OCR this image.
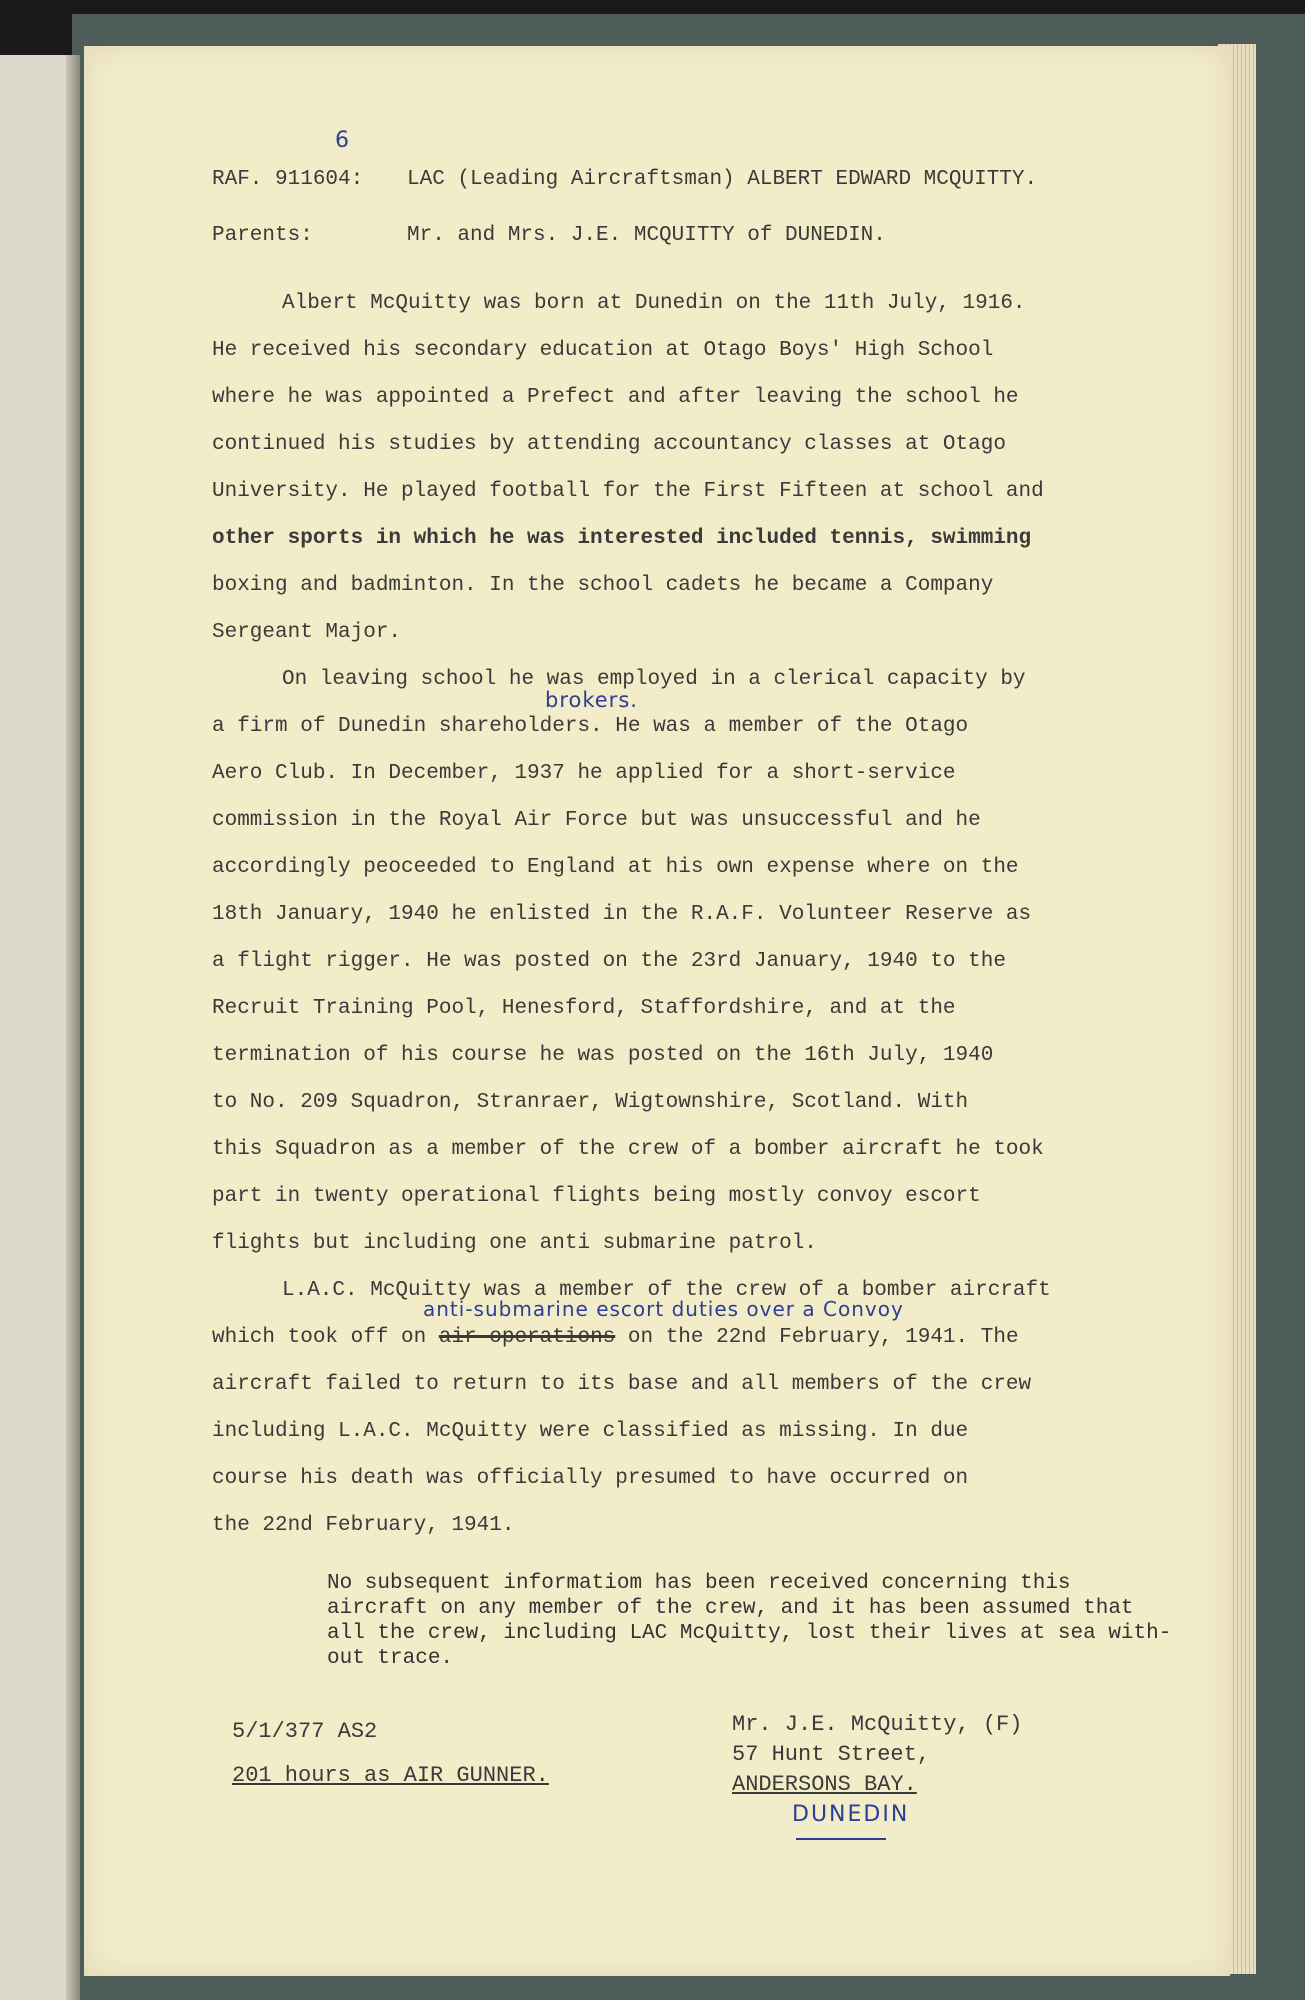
RAF. 911604:	LAC (Leading Aircraftsman) ALBERT EDWARD MCQUITTY.
Parents:	Mr. and Mrs. J.E. MCQUITTY of DUNEDIN.
Albert McQuitty was born at Dunedin on the 11th July, 1916.
He received his secondary education at Otago Boys' High School
where he was appointed a Prefect and after leaving the school he
continued his studies by attending accountancy classes at Otago
University. He played football for the First Fifteen at school and
other sports in which he was interested included tennis, swimming
boxing and badminton. In the school cadets he became a Company
Sergeant Major.
On leaving school he was employed in a clerical capacity by
a firm of Dunedin shareholders. He was a member of the Otago
Aero Club. In December, 1937 he applied for a short-service
commission in the Royal Air Force but was unsuccessful and he
accordingly peoceeded to England at his own expense where on the
18th January, 1940 he enlisted in the R.A.F. Volunteer Reserve as
a flight rigger. He was posted on the 23rd January, 1940 to the
Recruit Training Pool, Henesford, Staffordshire, and at the
termination of his course he was posted on the 16th July, 1940
to No. 209 Squadron, Stranraer, Wigtownshire, Scotland. With
this Squadron as a member of the crew of a bomber aircraft he took
part in twenty operational flights being mostly convoy escort
flights but including one anti submarine patrol.
L.A.C. McQuitty was a member of the crew of a bomber aircraft
which took off on air operations on the 22nd February, 1941. The
aircraft failed to return to its base and all members of the crew
including L.A.C. McQuitty were classified as missing. In due
course his death was officially presumed to have occurred on
the 22nd February, 1941.
No subsequent informatiom has been received concerning this
aircraft on any member of the crew, and it has been assumed that
all the crew, including LAC McQuitty, lost their lives at sea with-
out trace.
5/1/377 AS2
201 hours as AIR GUNNER.
Mr. J.E. McQuitty, (F)
57 Hunt Street,
ANDERSONS BAY.
6
brokers.
anti-submarine escort duties over a Convoy
DUNEDIN
